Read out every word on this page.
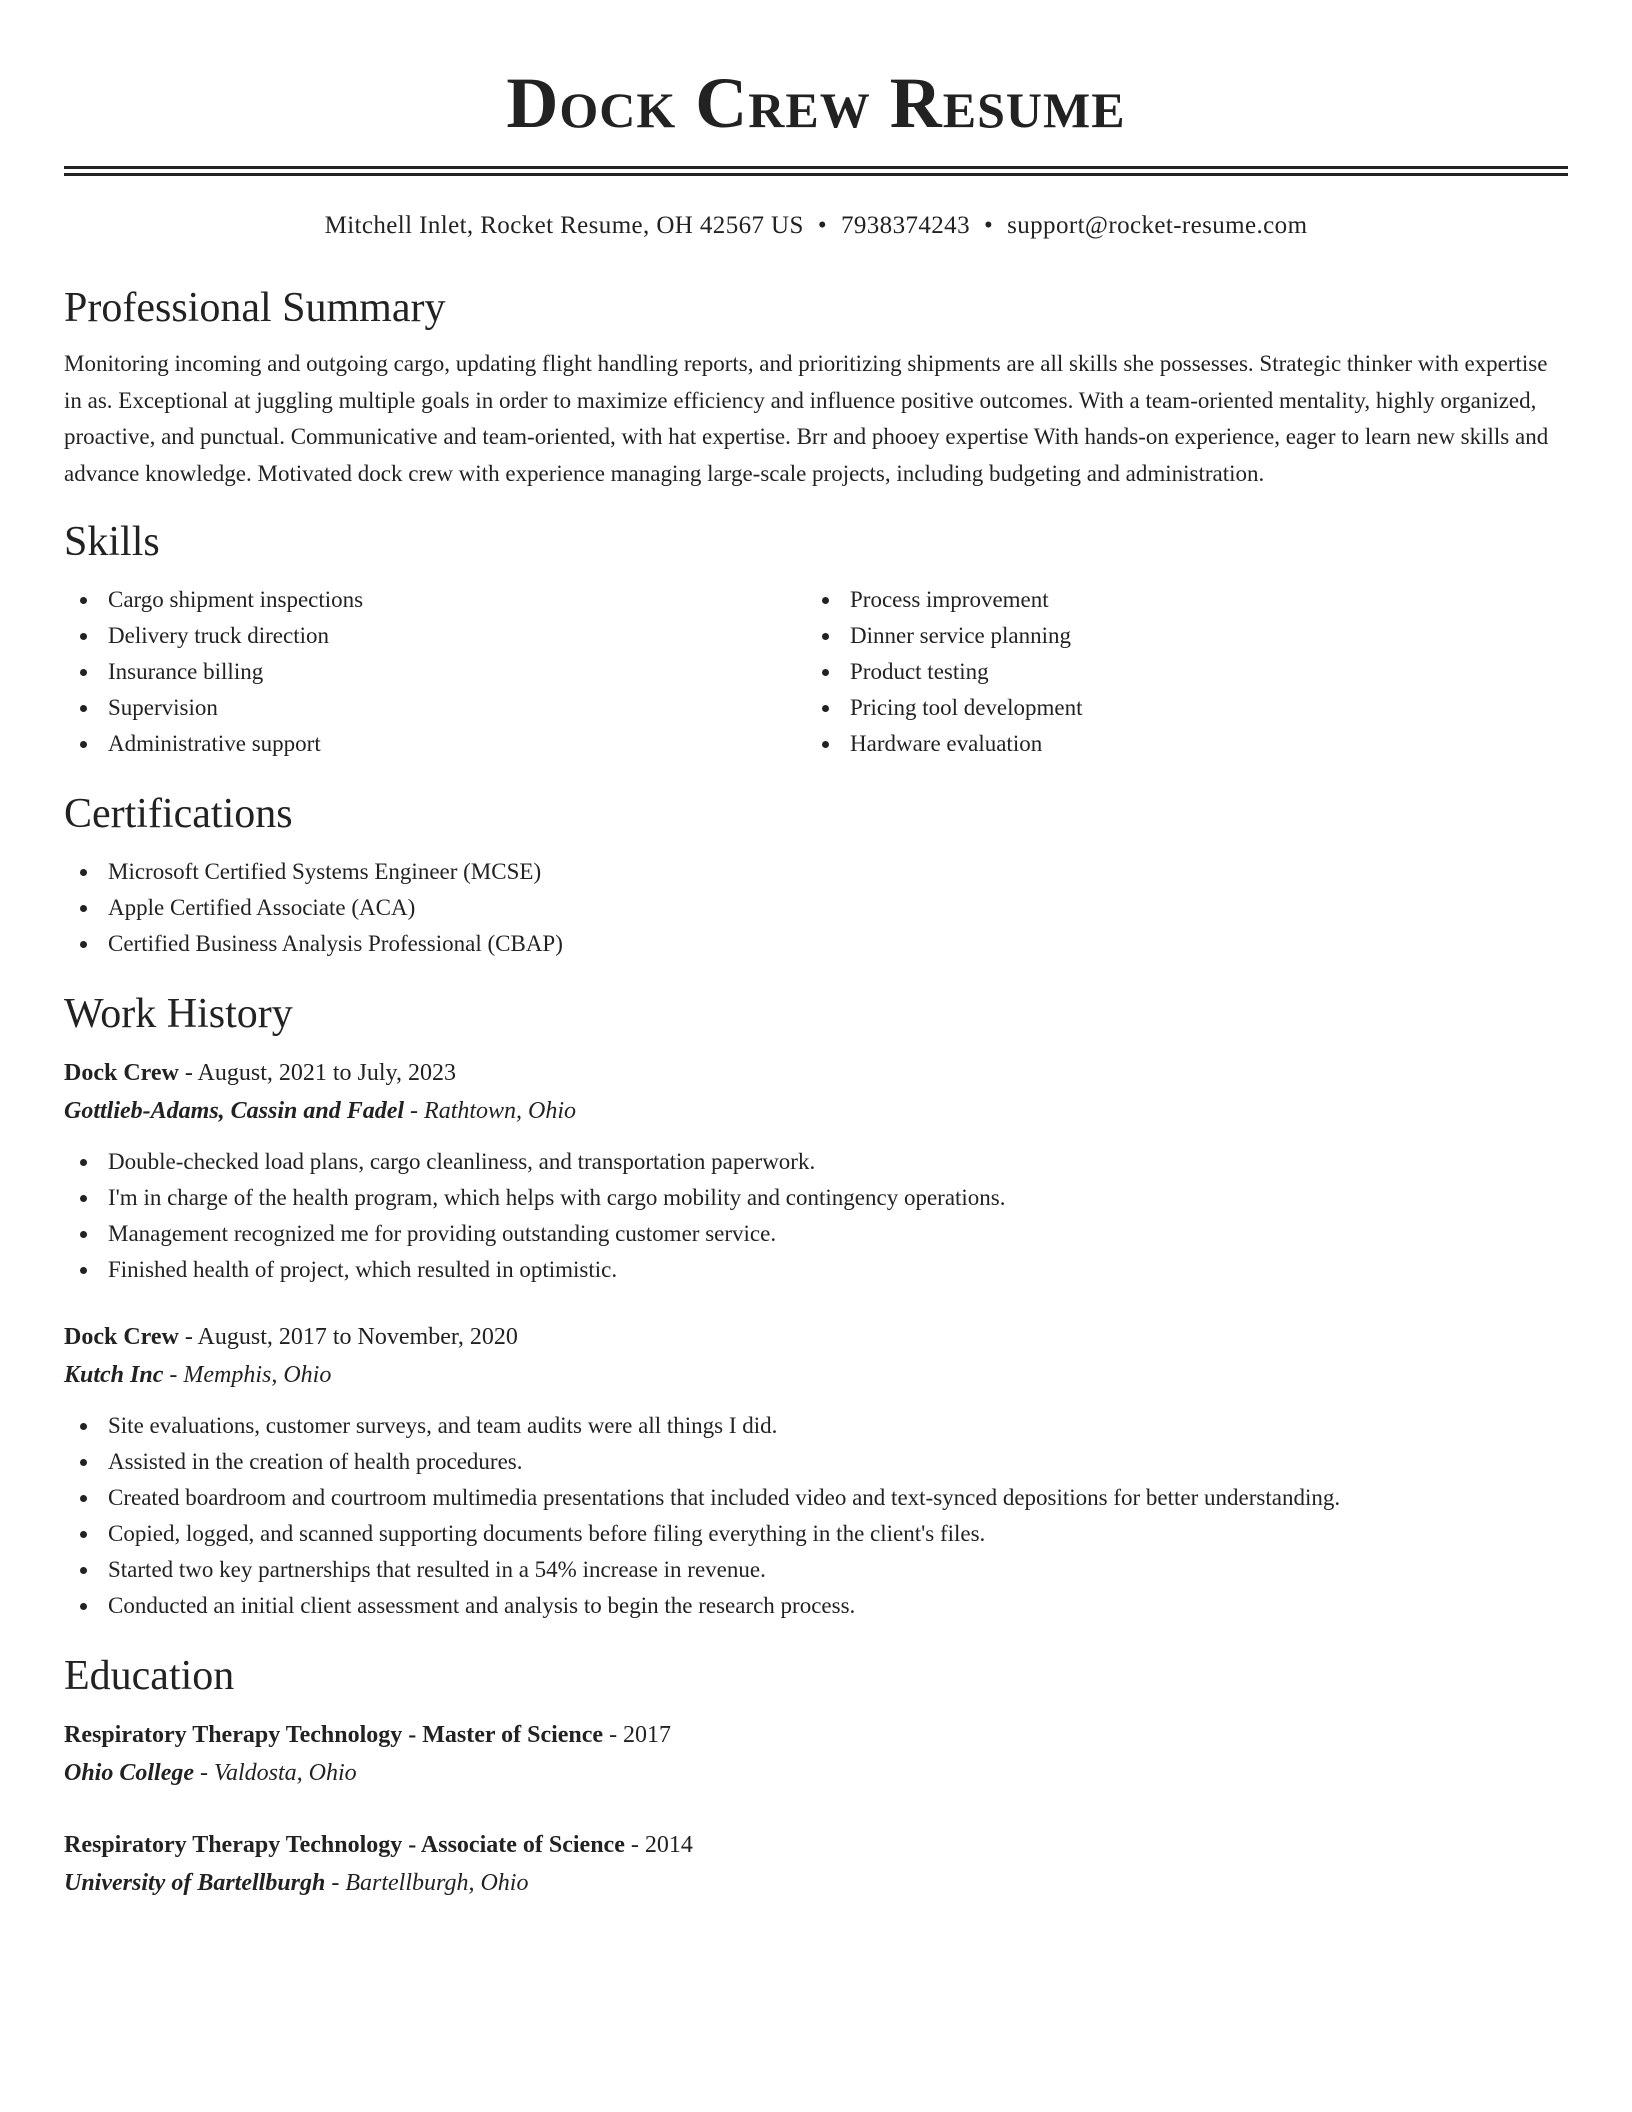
Dock Crew Resume
Mitchell Inlet, Rocket Resume, OH 42567 US • 7938374243 • support@rocket-resume.com
Professional Summary
Monitoring incoming and outgoing cargo, updating flight handling reports, and prioritizing shipments are all skills she possesses. Strategic thinker with expertise in as. Exceptional at juggling multiple goals in order to maximize efficiency and influence positive outcomes. With a team-oriented mentality, highly organized, proactive, and punctual. Communicative and team-oriented, with hat expertise. Brr and phooey expertise With hands-on experience, eager to learn new skills and advance knowledge. Motivated dock crew with experience managing large-scale projects, including budgeting and administration.
Skills
Cargo shipment inspections
Delivery truck direction
Insurance billing
Supervision
Administrative support
Process improvement
Dinner service planning
Product testing
Pricing tool development
Hardware evaluation
Certifications
Microsoft Certified Systems Engineer (MCSE)
Apple Certified Associate (ACA)
Certified Business Analysis Professional (CBAP)
Work History
Dock Crew - August, 2021 to July, 2023
Gottlieb-Adams, Cassin and Fadel - Rathtown, Ohio
Double-checked load plans, cargo cleanliness, and transportation paperwork.
I'm in charge of the health program, which helps with cargo mobility and contingency operations.
Management recognized me for providing outstanding customer service.
Finished health of project, which resulted in optimistic.
Dock Crew - August, 2017 to November, 2020
Kutch Inc - Memphis, Ohio
Site evaluations, customer surveys, and team audits were all things I did.
Assisted in the creation of health procedures.
Created boardroom and courtroom multimedia presentations that included video and text-synced depositions for better understanding.
Copied, logged, and scanned supporting documents before filing everything in the client's files.
Started two key partnerships that resulted in a 54% increase in revenue.
Conducted an initial client assessment and analysis to begin the research process.
Education
Respiratory Therapy Technology - Master of Science - 2017
Ohio College - Valdosta, Ohio
Respiratory Therapy Technology - Associate of Science - 2014
University of Bartellburgh - Bartellburgh, Ohio
